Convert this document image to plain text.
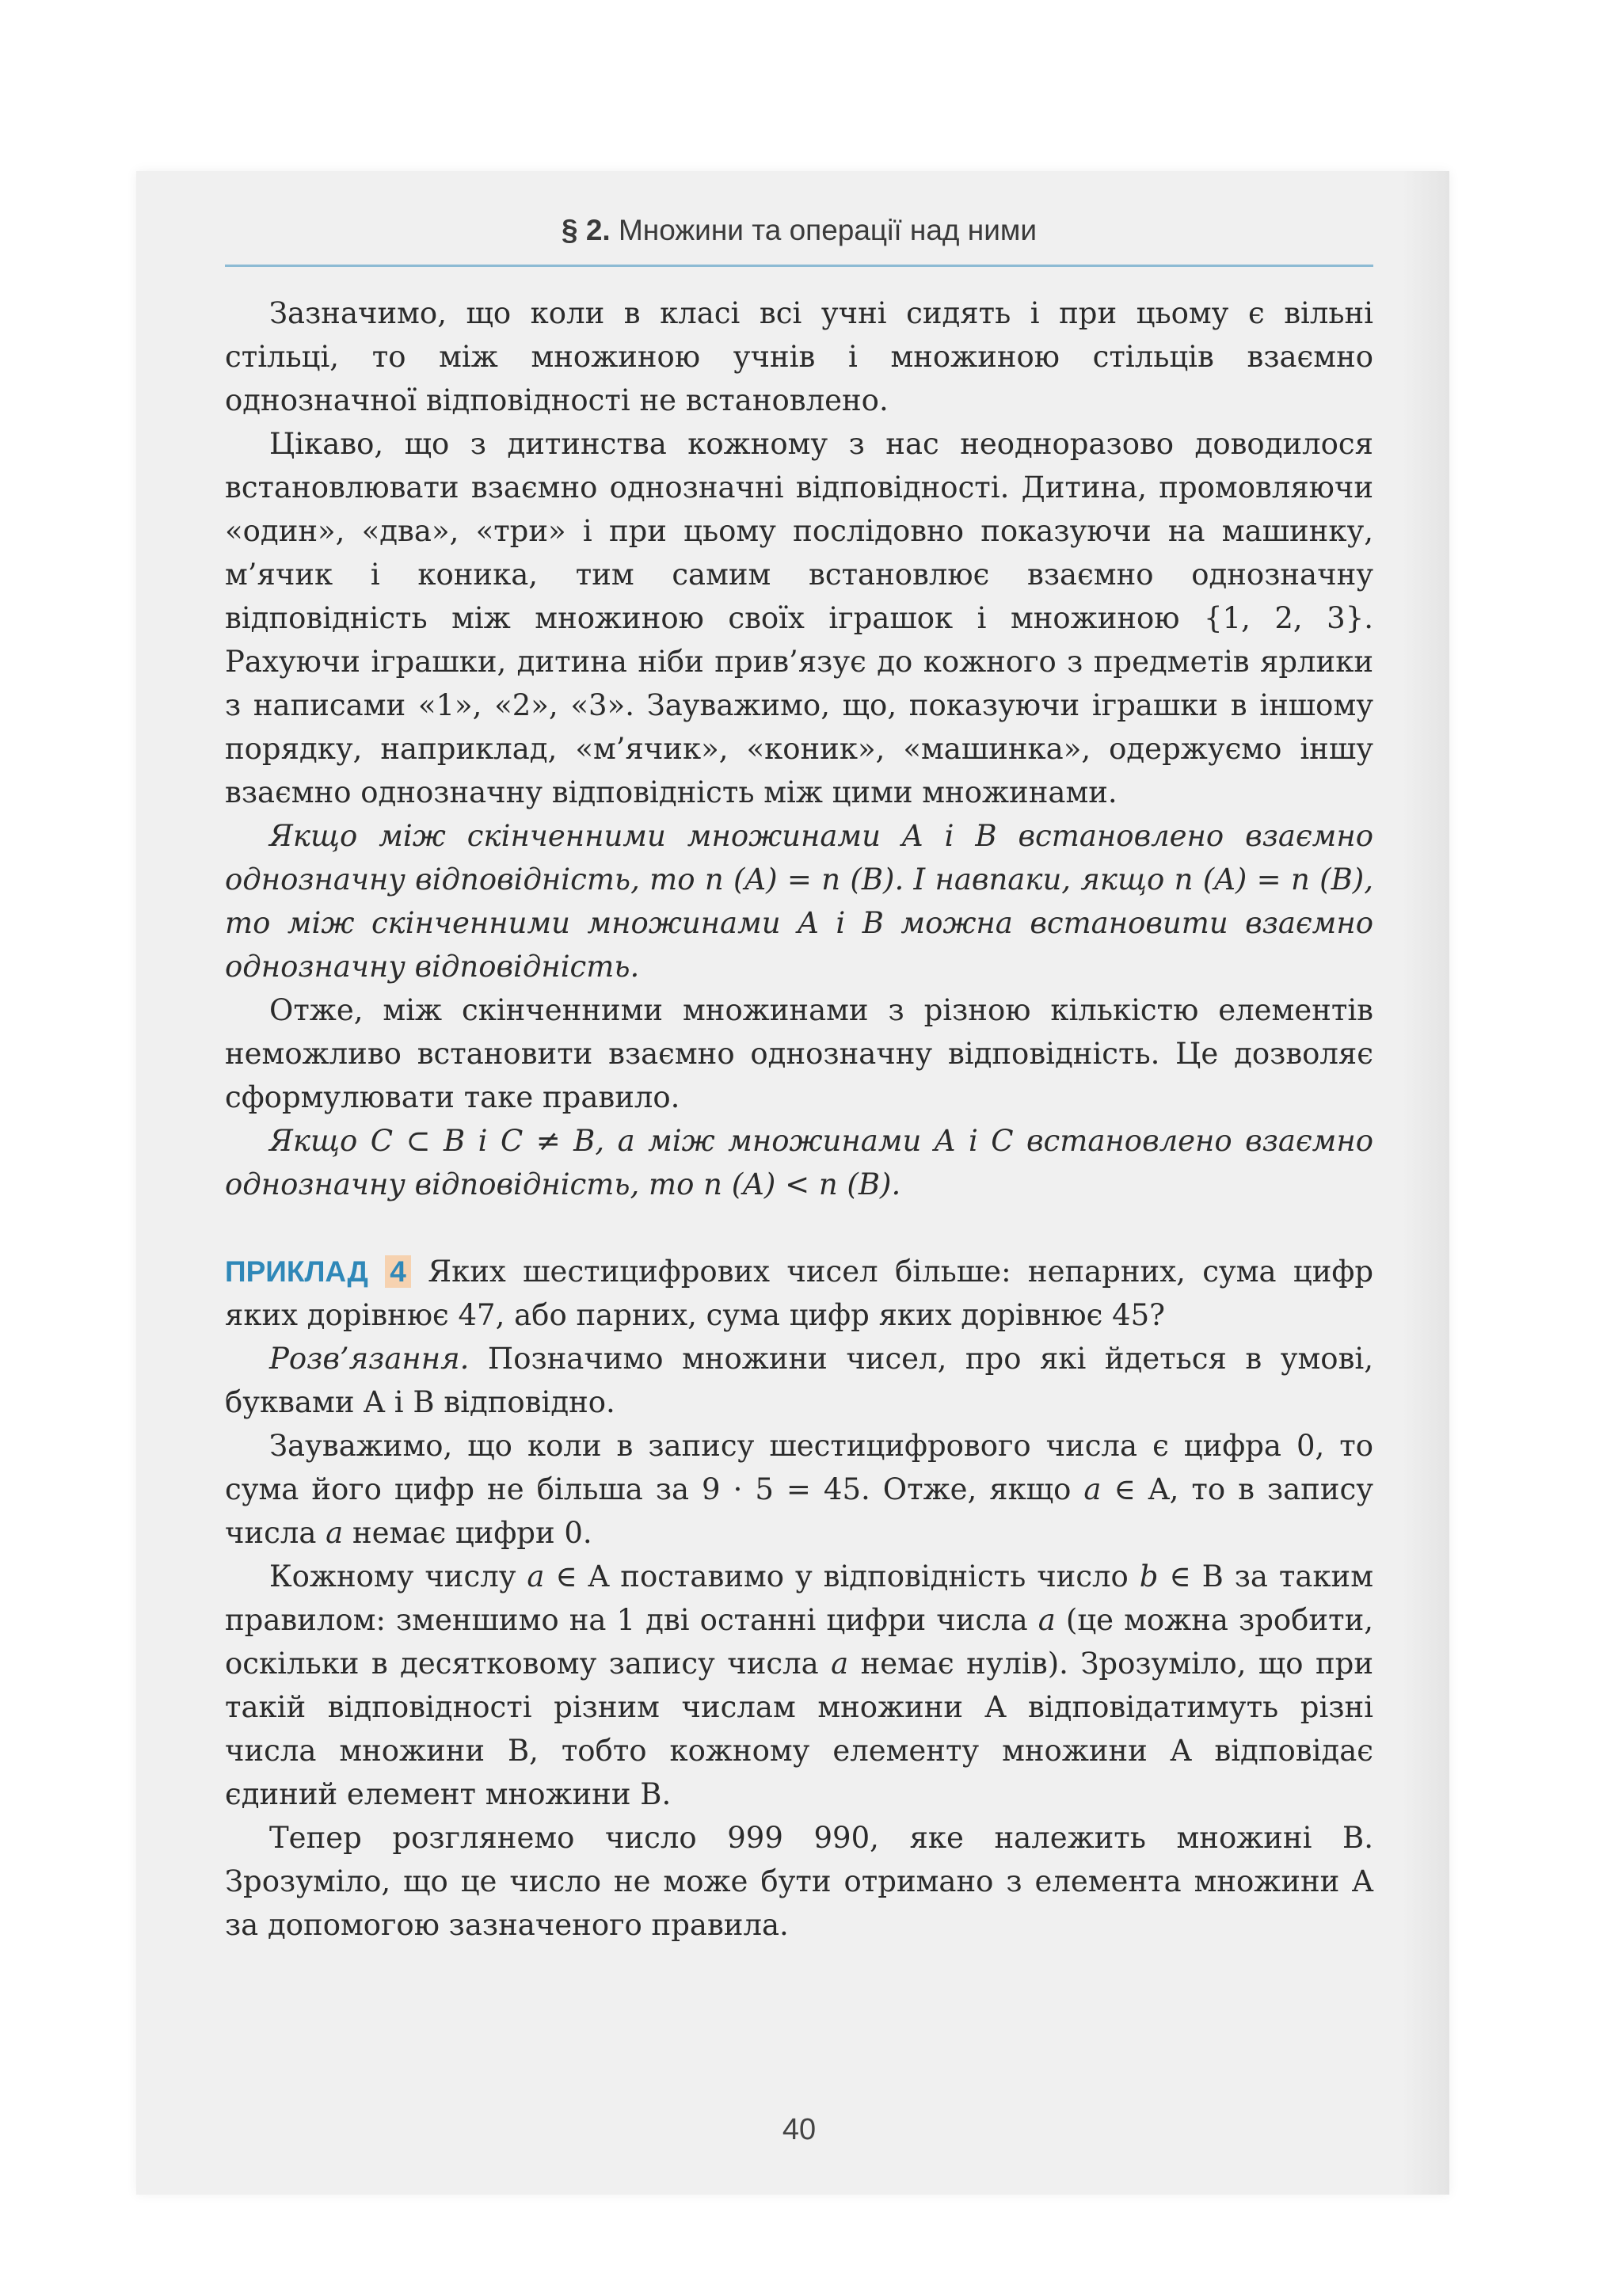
§ 2. Множини та операції над ними

Зазначимо, що коли в класі всі учні сидять і при цьому є вільні стільці, то між множиною учнів і множиною стільців взаємно однозначної відповідності не встановлено.

Цікаво, що з дитинства кожному з нас неодноразово доводилося встановлювати взаємно однозначні відповідності. Дитина, промовляючи «один», «два», «три» і при цьому послідовно показуючи на машинку, м’ячик і коника, тим самим встановлює взаємно однозначну відповідність між множиною своїх іграшок і множиною {1, 2, 3}. Рахуючи іграшки, дитина ніби прив’язує до кожного з предметів ярлики з написами «1», «2», «3». Зауважимо, що, показуючи іграшки в іншому порядку, наприклад, «м’ячик», «коник», «машинка», одержуємо іншу взаємно однозначну відповідність між цими множинами.

Якщо між скінченними множинами A і B встановлено взаємно однозначну відповідність, то n (A) = n (B). І навпаки, якщо n (A) = n (B), то між скінченними множинами A і B можна встановити взаємно однозначну відповідність.

Отже, між скінченними множинами з різною кількістю елементів неможливо встановити взаємно однозначну відповідність. Це дозволяє сформулювати таке правило.

Якщо C ⊂ B і C ≠ B, а між множинами A і C встановлено взаємно однозначну відповідність, то n (A) < n (B).

ПРИКЛАД 4 Яких шестицифрових чисел більше: непарних, сума цифр яких дорівнює 47, або парних, сума цифр яких дорівнює 45?

Розв’язання. Позначимо множини чисел, про які йдеться в умові, буквами A і B відповідно.

Зауважимо, що коли в запису шестицифрового числа є цифра 0, то сума його цифр не більша за 9 · 5 = 45. Отже, якщо a ∈ A, то в запису числа a немає цифри 0.

Кожному числу a ∈ A поставимо у відповідність число b ∈ B за таким правилом: зменшимо на 1 дві останні цифри числа a (це можна зробити, оскільки в десятковому запису числа a немає нулів). Зрозуміло, що при такій відповідності різним числам множини A відповідатимуть різні числа множини B, тобто кожному елементу множини A відповідає єдиний елемент множини B.

Тепер розглянемо число 999 990, яке належить множині B. Зрозуміло, що це число не може бути отримано з елемента множини A за допомогою зазначеного правила.

40
